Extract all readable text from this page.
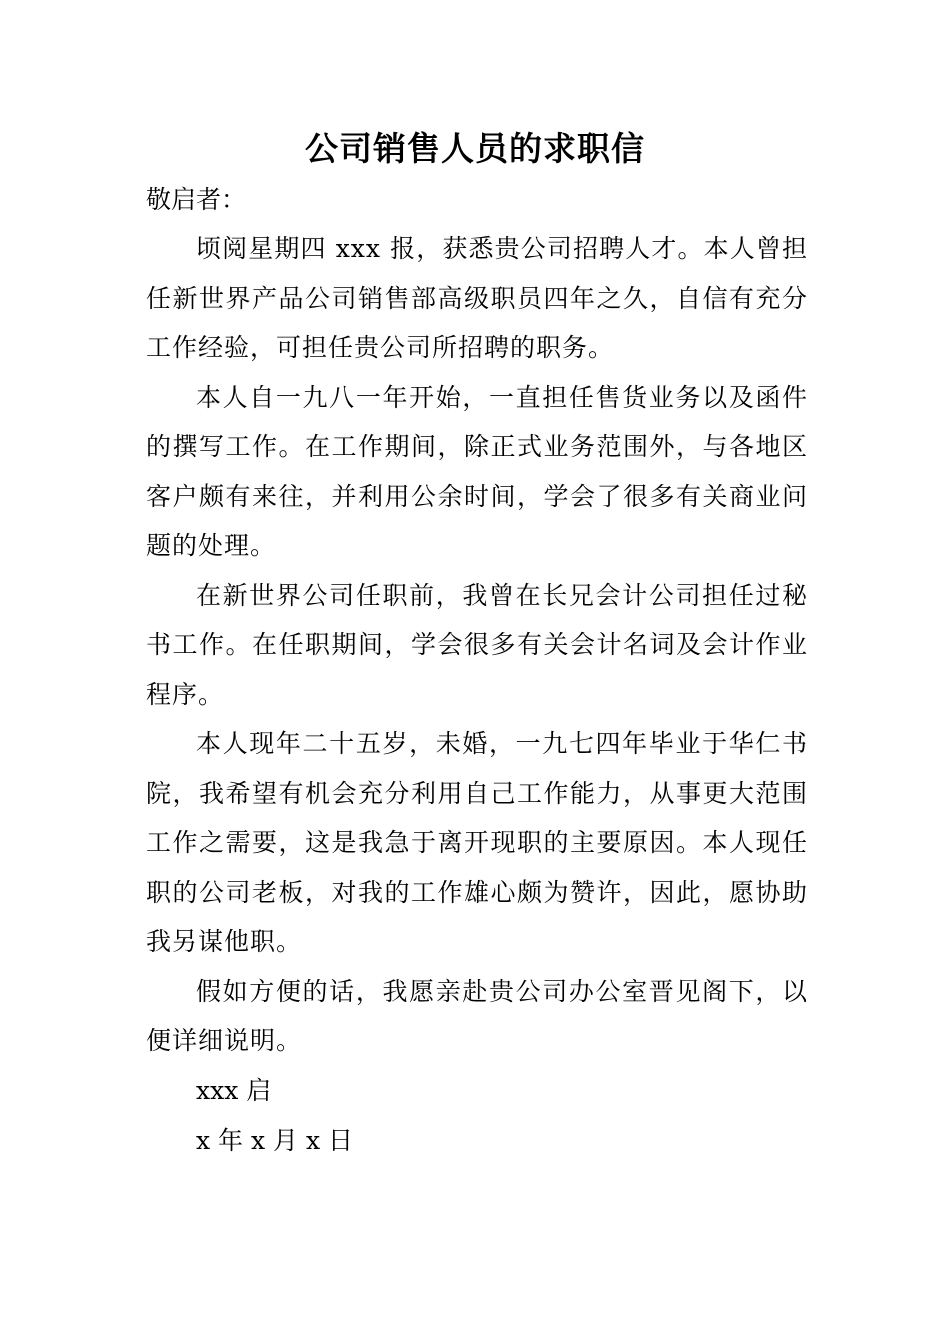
公司销售人员的求职信

敬启者：

顷阅星期四 xxx 报，获悉贵公司招聘人才。本人曾担任新世界产品公司销售部高级职员四年之久，自信有充分工作经验，可担任贵公司所招聘的职务。

本人自一九八一年开始，一直担任售货业务以及函件的撰写工作。在工作期间，除正式业务范围外，与各地区客户颇有来往，并利用公余时间，学会了很多有关商业问题的处理。

在新世界公司任职前，我曾在长兄会计公司担任过秘书工作。在任职期间，学会很多有关会计名词及会计作业程序。

本人现年二十五岁，未婚，一九七四年毕业于华仁书院，我希望有机会充分利用自己工作能力，从事更大范围工作之需要，这是我急于离开现职的主要原因。本人现任职的公司老板，对我的工作雄心颇为赞许，因此，愿协助我另谋他职。

假如方便的话，我愿亲赴贵公司办公室晋见阁下，以便详细说明。

xxx 启

x 年 x 月 x 日
